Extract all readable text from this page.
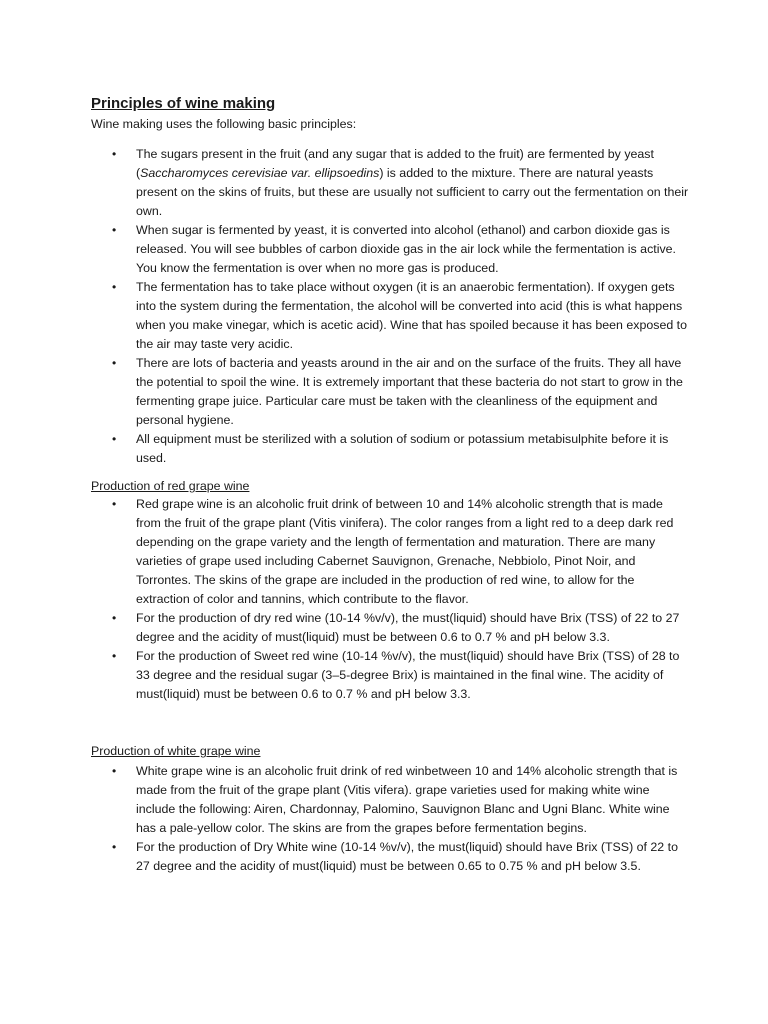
Principles of wine making

Wine making uses the following basic principles:

• The sugars present in the fruit (and any sugar that is added to the fruit) are fermented by yeast (Saccharomyces cerevisiae var. ellipsoedins) is added to the mixture. There are natural yeasts present on the skins of fruits, but these are usually not sufficient to carry out the fermentation on their own.
• When sugar is fermented by yeast, it is converted into alcohol (ethanol) and carbon dioxide gas is released. You will see bubbles of carbon dioxide gas in the air lock while the fermentation is active. You know the fermentation is over when no more gas is produced.
• The fermentation has to take place without oxygen (it is an anaerobic fermentation). If oxygen gets into the system during the fermentation, the alcohol will be converted into acid (this is what happens when you make vinegar, which is acetic acid). Wine that has spoiled because it has been exposed to the air may taste very acidic.
• There are lots of bacteria and yeasts around in the air and on the surface of the fruits. They all have the potential to spoil the wine. It is extremely important that these bacteria do not start to grow in the fermenting grape juice. Particular care must be taken with the cleanliness of the equipment and personal hygiene.
• All equipment must be sterilized with a solution of sodium or potassium metabisulphite before it is used.

Production of red grape wine

• Red grape wine is an alcoholic fruit drink of between 10 and 14% alcoholic strength that is made from the fruit of the grape plant (Vitis vinifera). The color ranges from a light red to a deep dark red depending on the grape variety and the length of fermentation and maturation. There are many varieties of grape used including Cabernet Sauvignon, Grenache, Nebbiolo, Pinot Noir, and Torrontes. The skins of the grape are included in the production of red wine, to allow for the extraction of color and tannins, which contribute to the flavor.
• For the production of dry red wine (10-14 %v/v), the must(liquid) should have Brix (TSS) of 22 to 27 degree and the acidity of must(liquid) must be between 0.6 to 0.7 % and pH below 3.3.
• For the production of Sweet red wine (10-14 %v/v), the must(liquid) should have Brix (TSS) of 28 to 33 degree and the residual sugar (3–5-degree Brix) is maintained in the final wine. The acidity of must(liquid) must be between 0.6 to 0.7 % and pH below 3.3.

Production of white grape wine

• White grape wine is an alcoholic fruit drink of red winbetween 10 and 14% alcoholic strength that is made from the fruit of the grape plant (Vitis vifera). grape varieties used for making white wine include the following: Airen, Chardonnay, Palomino, Sauvignon Blanc and Ugni Blanc. White wine has a pale-yellow color. The skins are from the grapes before fermentation begins.
• For the production of Dry White wine (10-14 %v/v), the must(liquid) should have Brix (TSS) of 22 to 27 degree and the acidity of must(liquid) must be between 0.65 to 0.75 % and pH below 3.5.
